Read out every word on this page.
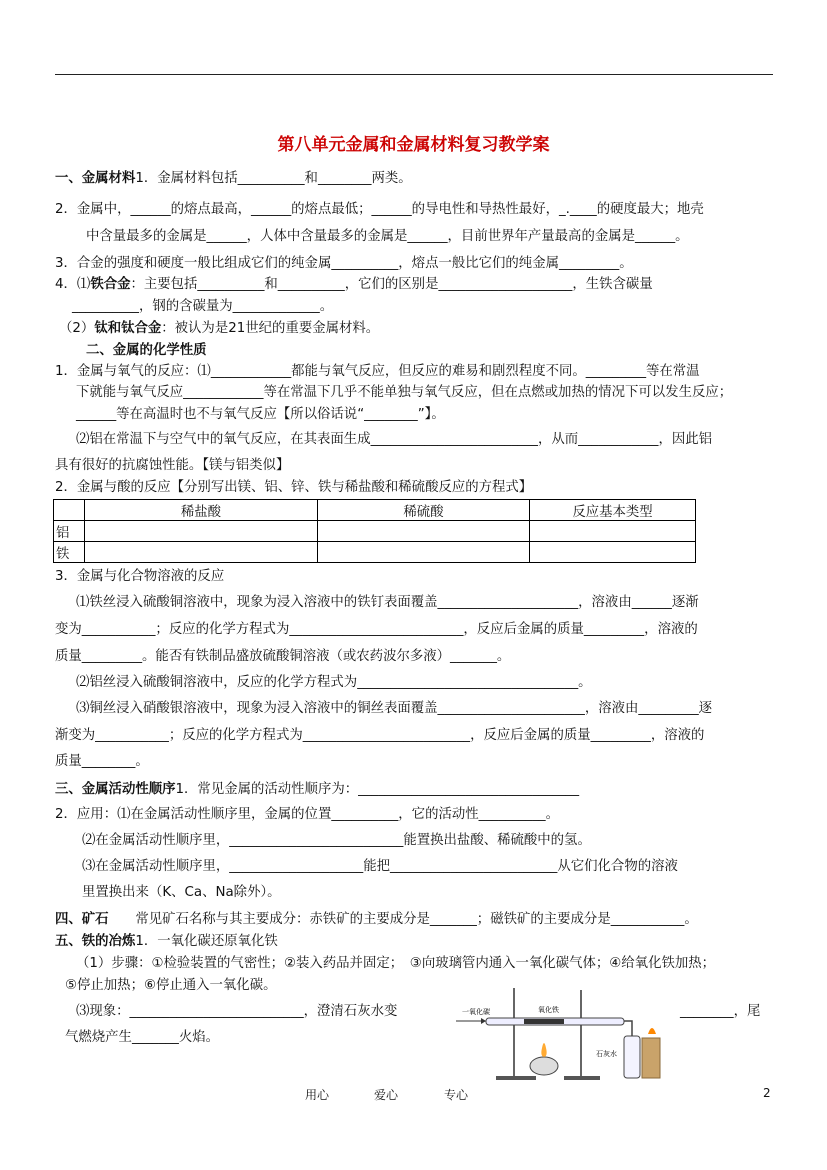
第八单元金属和金属材料复习教学案
一、金属材料1．金属材料包括__________和________两类。
2．金属中，______的熔点最高，______的熔点最低；______的导电性和导热性最好，_.____的硬度最大；地壳
中含量最多的金属是______，人体中含量最多的金属是______，目前世界年产量最高的金属是______。
3．合金的强度和硬度一般比组成它们的纯金属__________，熔点一般比它们的纯金属_________。
4．⑴铁合金：主要包括__________和__________，它们的区别是____________________，生铁含碳量
__________，钢的含碳量为_____________。
（2）钛和钛合金：被认为是21世纪的重要金属材料。
二、金属的化学性质
1．金属与氧气的反应：⑴____________都能与氧气反应，但反应的难易和剧烈程度不同。_________等在常温
下就能与氧气反应____________等在常温下几乎不能单独与氧气反应，但在点燃或加热的情况下可以发生反应；
______等在高温时也不与氧气反应【所以俗话说“________”】。
⑵铝在常温下与空气中的氧气反应，在其表面生成_________________________，从而____________，因此铝
具有很好的抗腐蚀性能。【镁与铝类似】
2．金属与酸的反应【分别写出镁、铝、锌、铁与稀盐酸和稀硫酸反应的方程式】
	稀盐酸	稀硫酸	反应基本类型
铝			
铁			
3．金属与化合物溶液的反应
⑴铁丝浸入硫酸铜溶液中，现象为浸入溶液中的铁钉表面覆盖_____________________，溶液由______逐渐
变为___________；反应的化学方程式为__________________________，反应后金属的质量_________，溶液的
质量_________。能否有铁制品盛放硫酸铜溶液（或农药波尔多液）_______。
⑵铝丝浸入硫酸铜溶液中，反应的化学方程式为_________________________________。
⑶铜丝浸入硝酸银溶液中，现象为浸入溶液中的铜丝表面覆盖______________________，溶液由_________逐
渐变为___________；反应的化学方程式为_________________________，反应后金属的质量_________，溶液的
质量________。
三、金属活动性顺序1．常见金属的活动性顺序为：_________________________________
2．应用：⑴在金属活动性顺序里，金属的位置__________，它的活动性__________。
⑵在金属活动性顺序里，__________________________能置换出盐酸、稀硫酸中的氢。
⑶在金属活动性顺序里，____________________能把_________________________从它们化合物的溶液
里置换出来（K、Ca、Na除外）。
四、矿石　　常见矿石名称与其主要成分：赤铁矿的主要成分是_______；磁铁矿的主要成分是___________。
五、铁的冶炼1．一氧化碳还原氧化铁
（1）步骤：①检验装置的气密性；②装入药品并固定；　③向玻璃管内通入一氧化碳气体；④给氧化铁加热；
⑤停止加热；⑥停止通入一氧化碳。
⑶现象：__________________________，澄清石灰水变	________，尾
气燃烧产生_______火焰。
一氧化碳	氧化铁
石灰水
用心	爱心	专心	2
